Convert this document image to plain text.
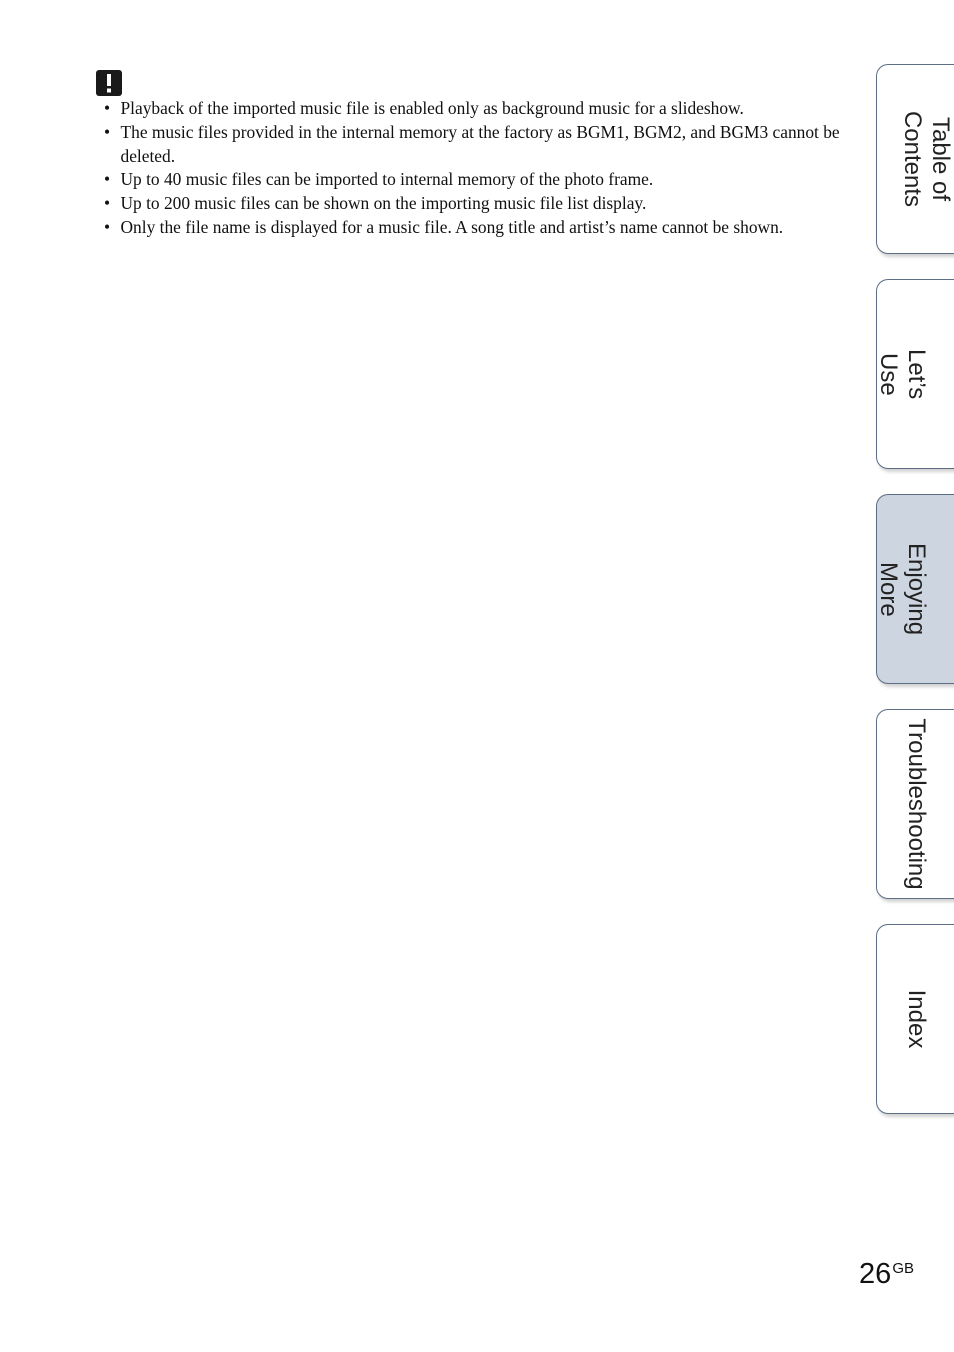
• Playback of the imported music file is enabled only as background music for a slideshow.
• The music files provided in the internal memory at the factory as BGM1, BGM2, and BGM3 cannot be deleted.
• Up to 40 music files can be imported to internal memory of the photo frame.
• Up to 200 music files can be shown on the importing music file list display.
• Only the file name is displayed for a music file. A song title and artist’s name cannot be shown.
Table of
Contents
Let’s Use
Enjoying More
Troubleshooting
Index
$26^{GB}$
